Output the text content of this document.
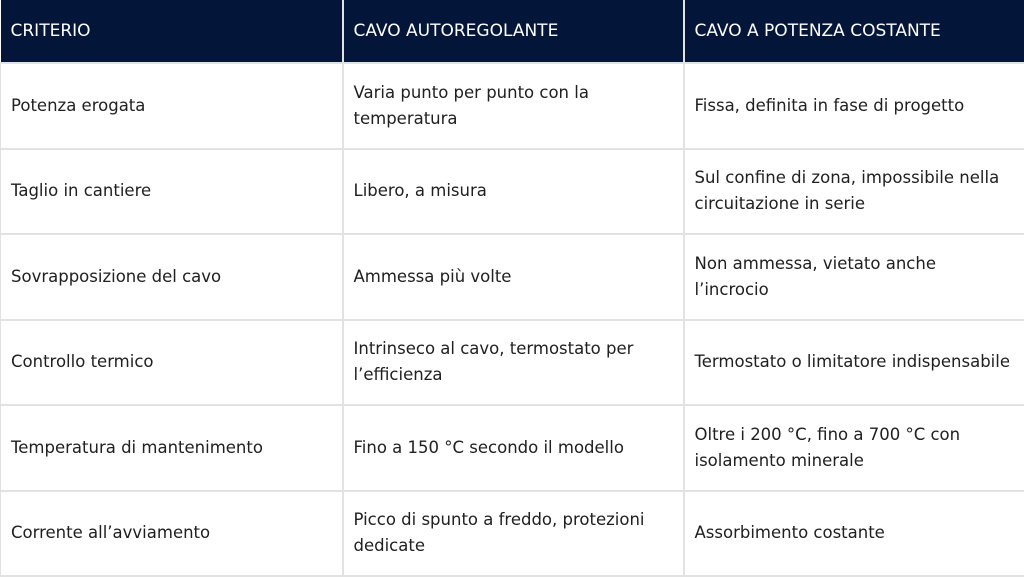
CRITERIO	CAVO AUTOREGOLANTE	CAVO A POTENZA COSTANTE
Potenza erogata	Varia punto per punto con la temperatura	Fissa, definita in fase di progetto
Taglio in cantiere	Libero, a misura	Sul confine di zona, impossibile nella circuitazione in serie
Sovrapposizione del cavo	Ammessa più volte	Non ammessa, vietato anche l’incrocio
Controllo termico	Intrinseco al cavo, termostato per l’efficienza	Termostato o limitatore indispensabile
Temperatura di mantenimento	Fino a 150 °C secondo il modello	Oltre i 200 °C, fino a 700 °C con isolamento minerale
Corrente all’avviamento	Picco di spunto a freddo, protezioni dedicate	Assorbimento costante
